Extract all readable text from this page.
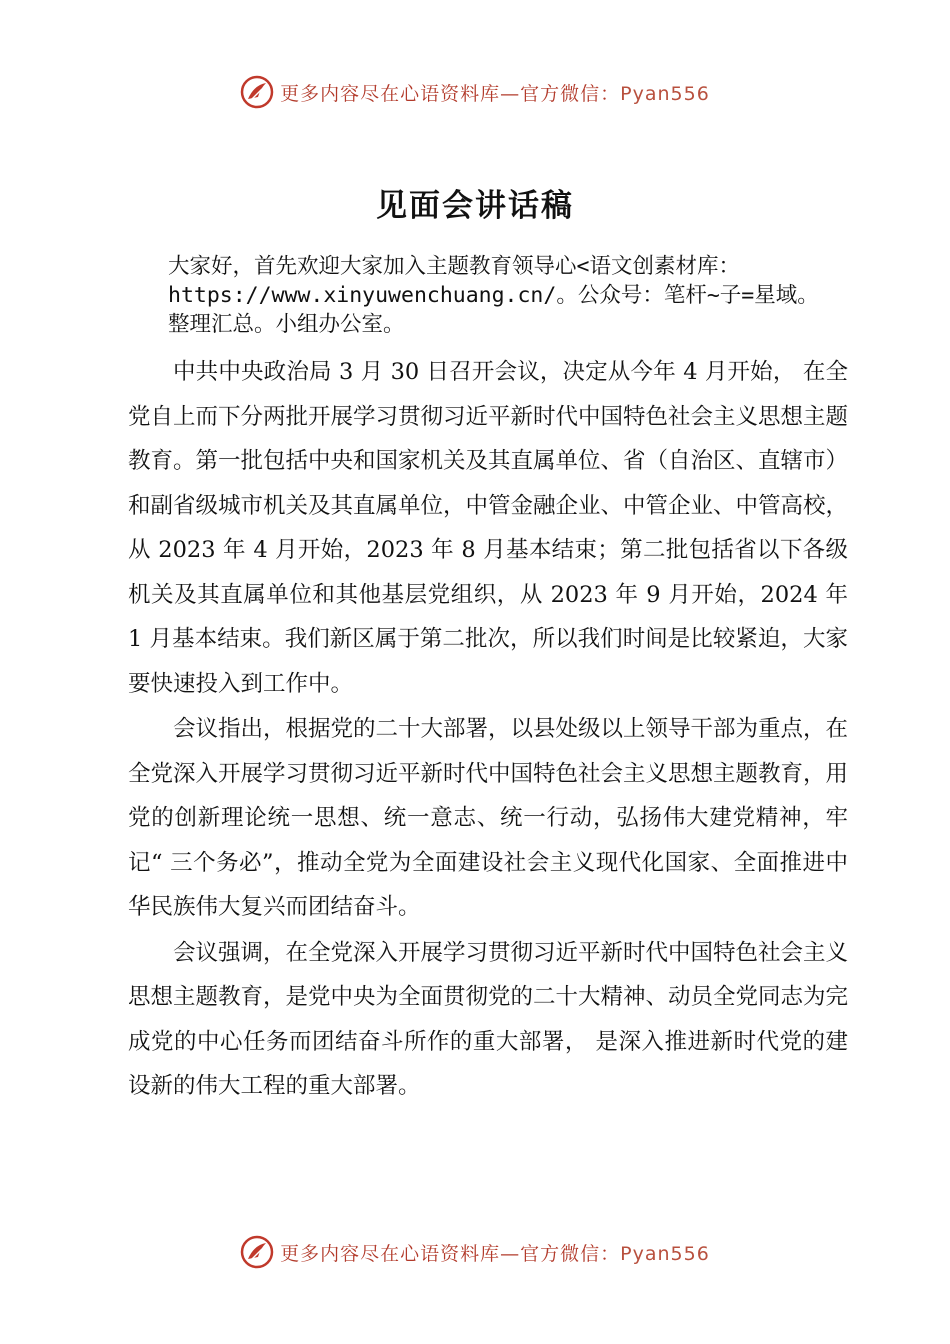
更多内容尽在心语资料库—官方微信：Pyan556
见面会讲话稿
大家好，首先欢迎大家加入主题教育领导心<语文创素材库：
https://www.xinyuwenchuang.cn/。公众号：笔杆~子=星域。
整理汇总。小组办公室。

中共中央政治局 3 月 30 日召开会议，决定从今年 4 月开始， 在全党自上而下分两批开展学习贯彻习近平新时代中国特色社会主义思想主题教育。第一批包括中央和国家机关及其直属单位、省（自治区、直辖市）和副省级城市机关及其直属单位，中管金融企业、中管企业、中管高校，从 2023 年 4 月开始，2023 年 8 月基本结束；第二批包括省以下各级机关及其直属单位和其他基层党组织，从 2023 年 9 月开始，2024 年 1 月基本结束。我们新区属于第二批次，所以我们时间是比较紧迫，大家要快速投入到工作中。

会议指出，根据党的二十大部署，以县处级以上领导干部为重点，在全党深入开展学习贯彻习近平新时代中国特色社会主义思想主题教育，用党的创新理论统一思想、统一意志、统一行动，弘扬伟大建党精神，牢记“ 三个务必”，推动全党为全面建设社会主义现代化国家、全面推进中华民族伟大复兴而团结奋斗。

会议强调，在全党深入开展学习贯彻习近平新时代中国特色社会主义思想主题教育，是党中央为全面贯彻党的二十大精神、动员全党同志为完成党的中心任务而团结奋斗所作的重大部署， 是深入推进新时代党的建设新的伟大工程的重大部署。

更多内容尽在心语资料库—官方微信：Pyan556
